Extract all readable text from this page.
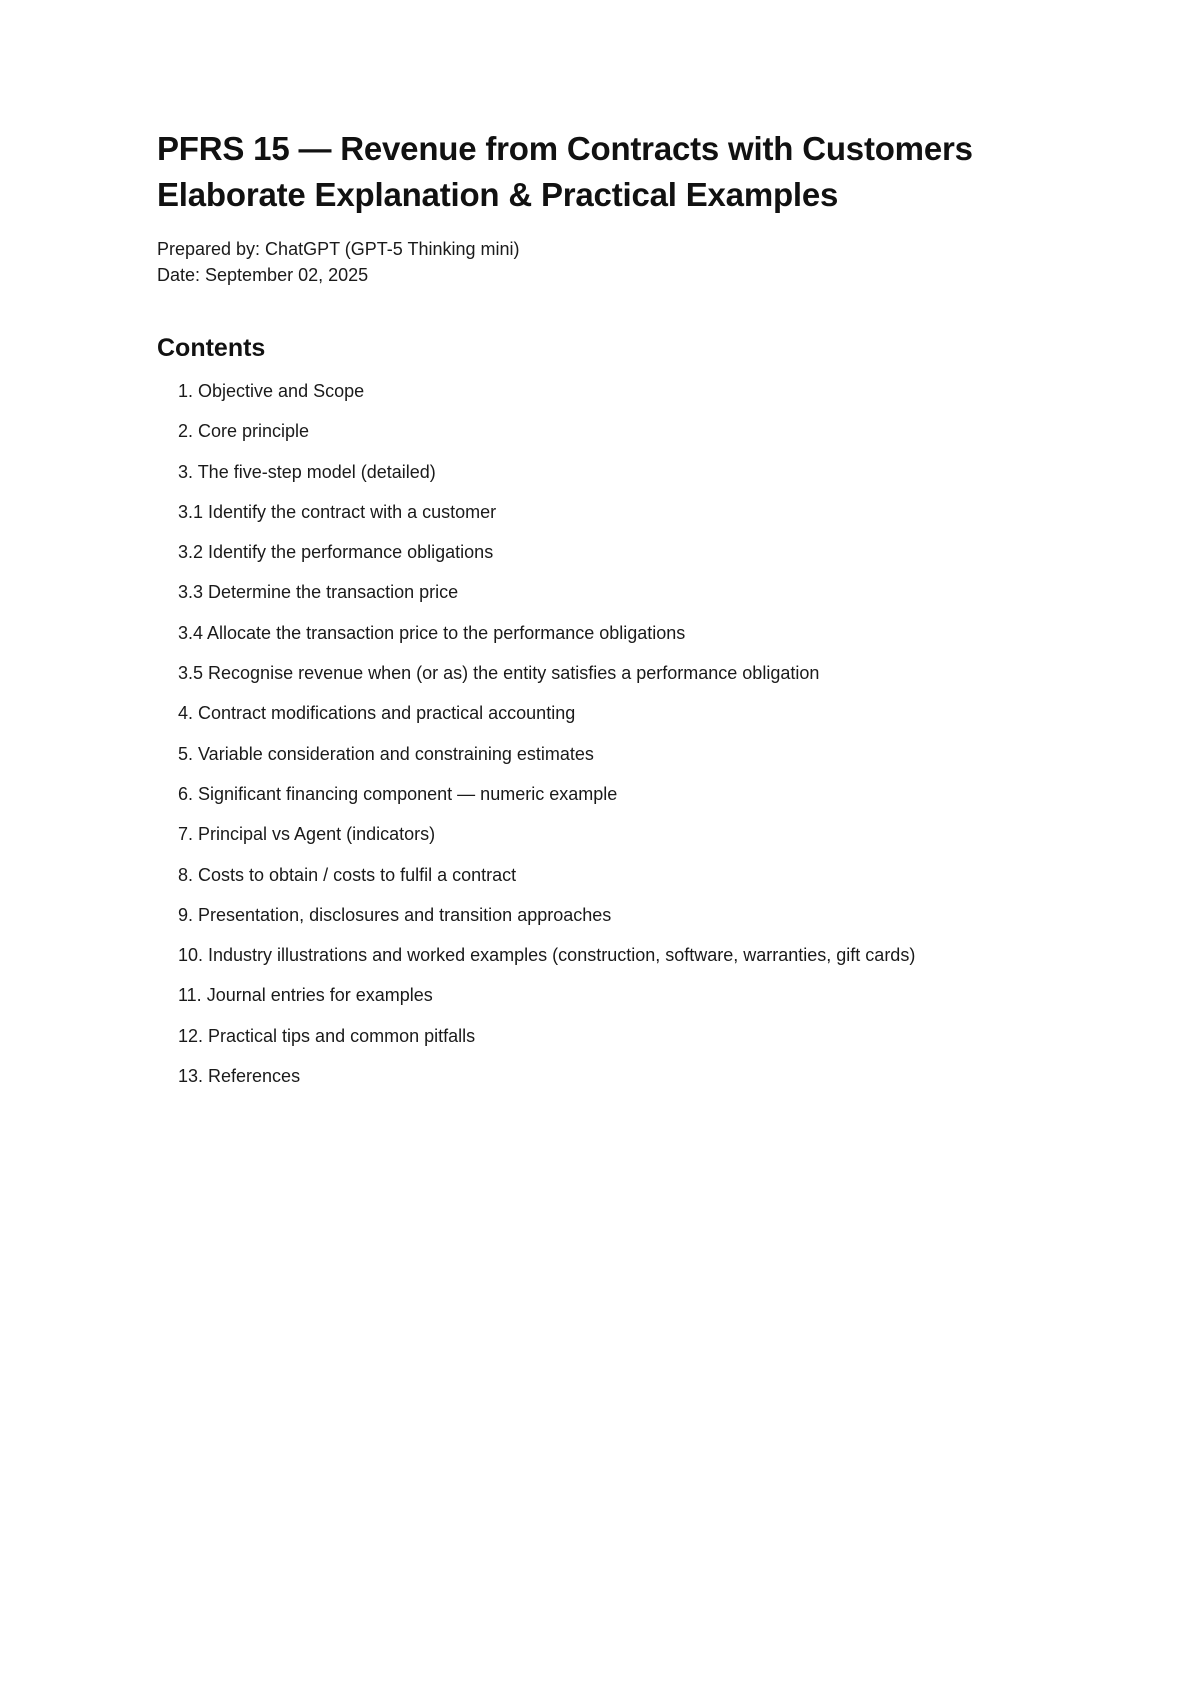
PFRS 15 — Revenue from Contracts with Customers Elaborate Explanation & Practical Examples
Prepared by: ChatGPT (GPT-5 Thinking mini)
Date: September 02, 2025
Contents
1. Objective and Scope
2. Core principle
3. The five-step model (detailed)
3.1 Identify the contract with a customer
3.2 Identify the performance obligations
3.3 Determine the transaction price
3.4 Allocate the transaction price to the performance obligations
3.5 Recognise revenue when (or as) the entity satisfies a performance obligation
4. Contract modifications and practical accounting
5. Variable consideration and constraining estimates
6. Significant financing component — numeric example
7. Principal vs Agent (indicators)
8. Costs to obtain / costs to fulfil a contract
9. Presentation, disclosures and transition approaches
10. Industry illustrations and worked examples (construction, software, warranties, gift cards)
11. Journal entries for examples
12. Practical tips and common pitfalls
13. References
